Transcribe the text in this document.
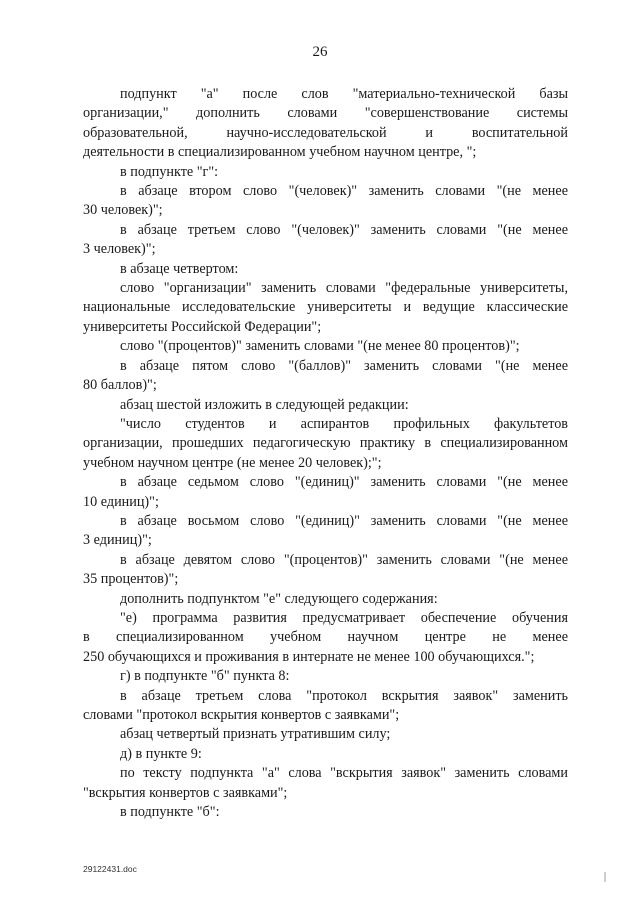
26
подпункт "а" после слов "материально-технической базы
организации," дополнить словами "совершенствование системы
образовательной, научно-исследовательской и воспитательной
деятельности в специализированном учебном научном центре, ";
в подпункте "г":
в абзаце втором слово "(человек)" заменить словами "(не менее
30 человек)";
в абзаце третьем слово "(человек)" заменить словами "(не менее
3 человек)";
в абзаце четвертом:
слово "организации" заменить словами "федеральные университеты,
национальные исследовательские университеты и ведущие классические
университеты Российской Федерации";
слово "(процентов)" заменить словами "(не менее 80 процентов)";
в абзаце пятом слово "(баллов)" заменить словами "(не менее
80 баллов)";
абзац шестой изложить в следующей редакции:
"число студентов и аспирантов профильных факультетов
организации, прошедших педагогическую практику в специализированном
учебном научном центре (не менее 20 человек);";
в абзаце седьмом слово "(единиц)" заменить словами "(не менее
10 единиц)";
в абзаце восьмом слово "(единиц)" заменить словами "(не менее
3 единиц)";
в абзаце девятом слово "(процентов)" заменить словами "(не менее
35 процентов)";
дополнить подпунктом "е" следующего содержания:
"е) программа развития предусматривает обеспечение обучения
в специализированном учебном научном центре не менее
250 обучающихся и проживания в интернате не менее 100 обучающихся.";
г) в подпункте "б" пункта 8:
в абзаце третьем слова "протокол вскрытия заявок" заменить
словами "протокол вскрытия конвертов с заявками";
абзац четвертый признать утратившим силу;
д) в пункте 9:
по тексту подпункта "а" слова "вскрытия заявок" заменить словами
"вскрытия конвертов с заявками";
в подпункте "б":
29122431.doc
